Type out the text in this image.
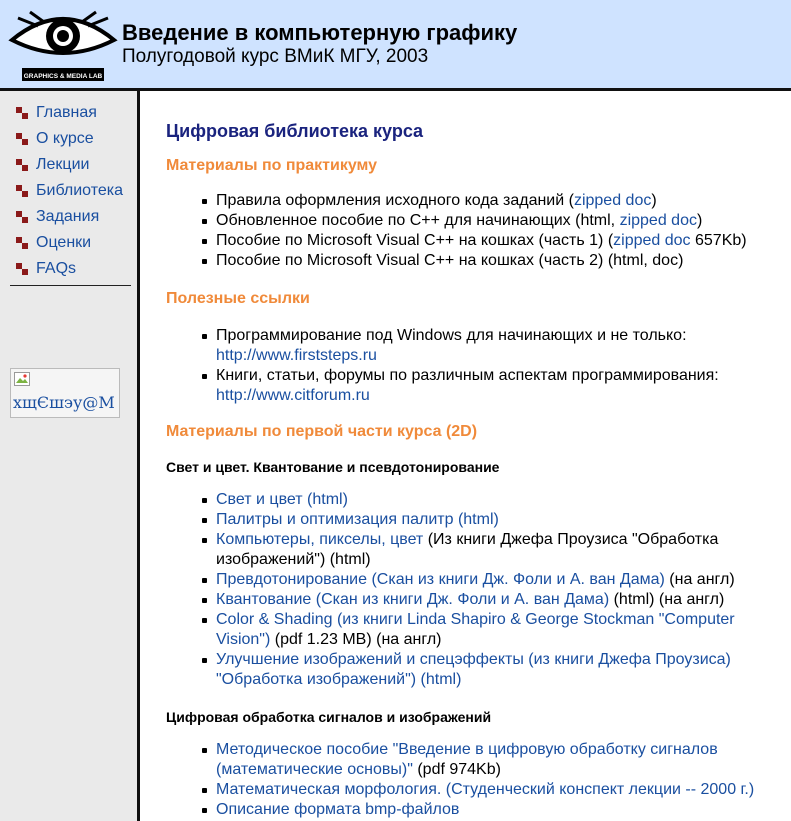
GRAPHICS & MEDIA LAB
Введение в компьютерную графику
Полугодовой курс ВМиК МГУ, 2003
Главная
О курсе
Лекции
Библиотека
Задания
Оценки
FAQs
хщЄшэу@М
Цифровая библиотека курса
Материалы по практикуму
Правила оформления исходного кода заданий (zipped doc)
Обновленное пособие по C++ для начинающих (html, zipped doc)
Пособие по Microsoft Visual C++ на кошках (часть 1) (zipped doc 657Kb)
Пособие по Microsoft Visual C++ на кошках (часть 2) (html, doc)
Полезные ссылки
Программирование под Windows для начинающих и не только:
http://www.firststeps.ru
Книги, статьи, форумы по различным аспектам программирования:
http://www.citforum.ru
Материалы по первой части курса (2D)
Свет и цвет. Квантование и псевдотонирование
Свет и цвет (html)
Палитры и оптимизация палитр (html)
Компьютеры, пикселы, цвет (Из книги Джефа Проузиса "Обработка изображений") (html)
Превдотонирование (Скан из книги Дж. Фоли и А. ван Дама) (на англ)
Квантование (Скан из книги Дж. Фоли и А. ван Дама) (html) (на англ)
Color & Shading (из книги Linda Shapiro & George Stockman "Computer Vision") (pdf 1.23 MB) (на англ)
Улучшение изображений и спецэффекты (из книги Джефа Проузиса) "Обработка изображений") (html)
Цифровая обработка сигналов и изображений
Методическое пособие "Введение в цифровую обработку сигналов (математические основы)" (pdf 974Kb)
Математическая морфология. (Студенческий конспект лекции -- 2000 г.)
Описание формата bmp-файлов
